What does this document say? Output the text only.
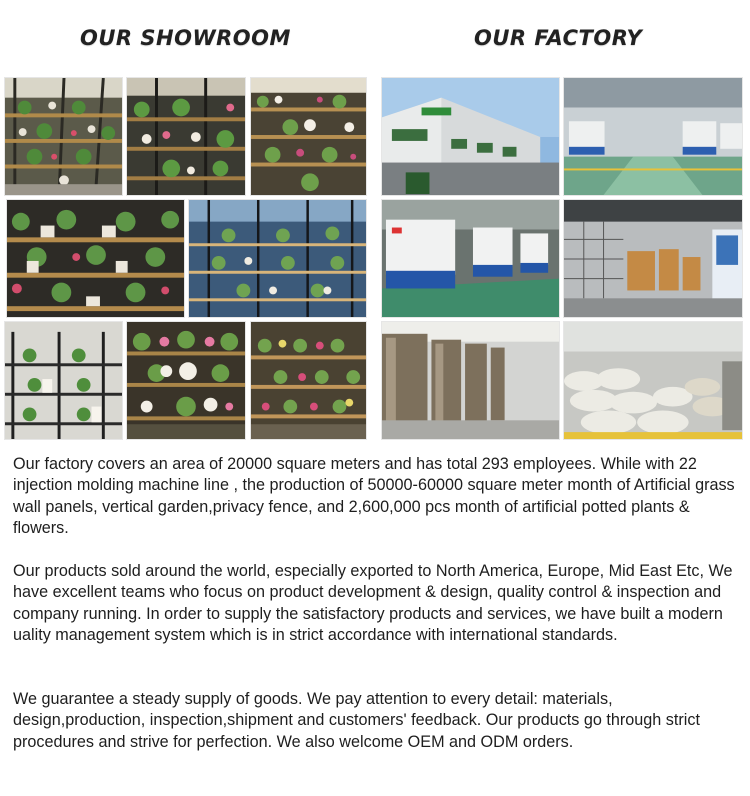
OUR SHOWROOM	OUR FACTORY

Our factory covers an area of 20000 square meters and has total 293 employees. While with 22 injection molding machine line , the production of 50000-60000 square meter month of Artificial grass wall panels, vertical garden,privacy fence, and 2,600,000 pcs month of artificial potted plants & flowers.

Our products sold around the world, especially exported to North America, Europe, Mid East Etc, We have excellent teams who focus on product development & design, quality control & inspection and company running. In order to supply the satisfactory products and services, we have built a modern uality management system which is in strict accordance with international standards.

We guarantee a steady supply of goods. We pay attention to every detail: materials, design,production, inspection,shipment and customers' feedback. Our products go through strict procedures and strive for perfection. We also welcome OEM and ODM orders.
